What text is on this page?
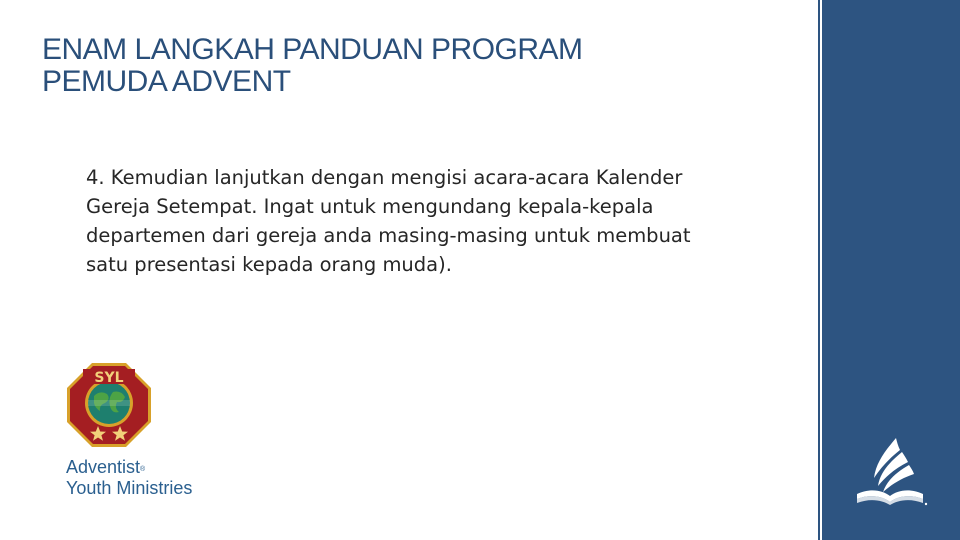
ENAM LANGKAH PANDUAN PROGRAM
PEMUDA ADVENT
4. Kemudian lanjutkan dengan mengisi acara-acara Kalender Gereja Setempat. Ingat untuk mengundang kepala-kepala departemen dari gereja anda masing-masing untuk membuat satu presentasi kepada orang muda).
SYL
Adventist®
Youth Ministries
